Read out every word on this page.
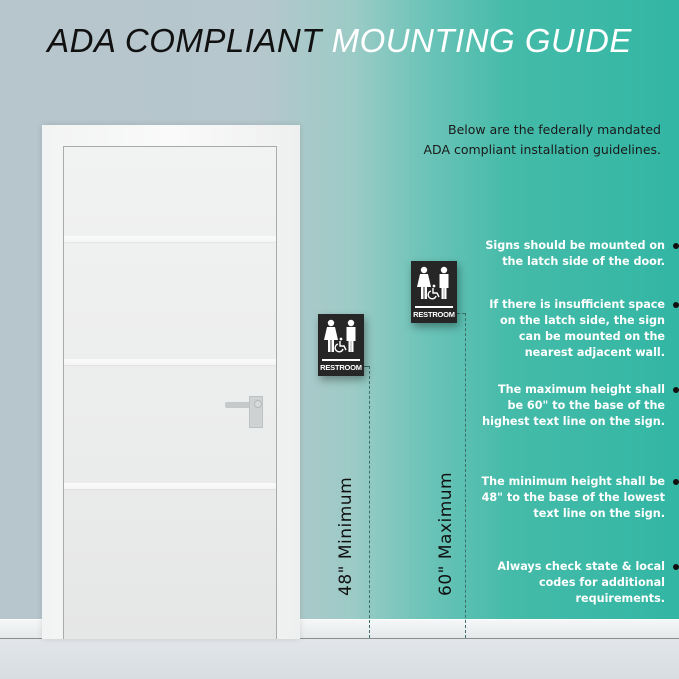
ADA COMPLIANT MOUNTING GUIDE
Below are the federally mandated
ADA compliant installation guidelines.
48" Minimum	60" Maximum
RESTROOM
RESTROOM
Signs should be mounted on the latch side of the door.
If there is insufficient space on the latch side, the sign can be mounted on the nearest adjacent wall.
The maximum height shall be 60" to the base of the highest text line on the sign.
The minimum height shall be 48" to the base of the lowest text line on the sign.
Always check state & local codes for additional requirements.
